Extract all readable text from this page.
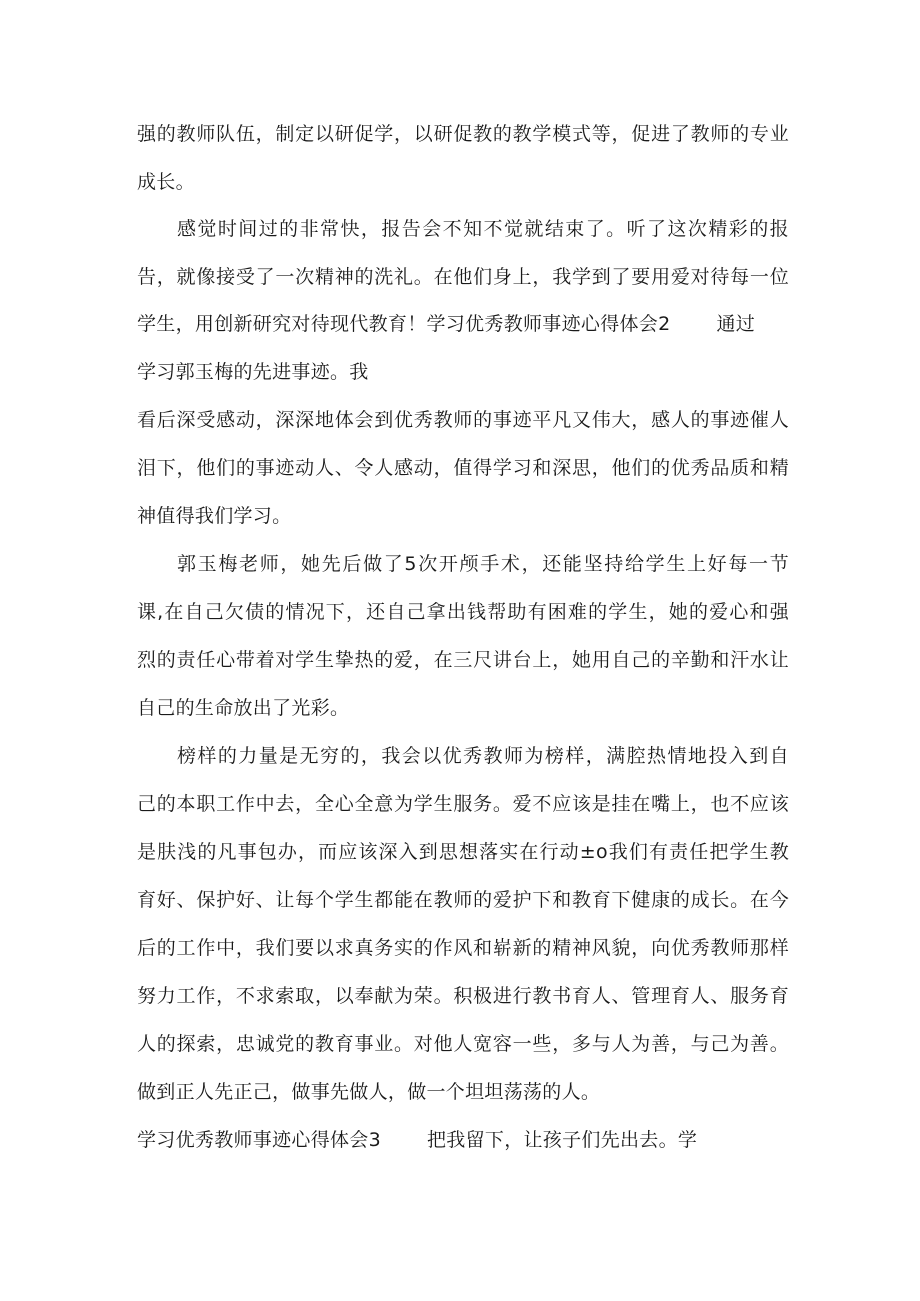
强的教师队伍，制定以研促学，以研促教的教学模式等，促进了教师的专业
成长。
感觉时间过的非常快，报告会不知不觉就结束了。听了这次精彩的报
告，就像接受了一次精神的洗礼。在他们身上，我学到了要用爱对待每一位
学生，用创新研究对待现代教育！学习优秀教师事迹心得体会2 通过
学习郭玉梅的先进事迹。我
看后深受感动，深深地体会到优秀教师的事迹平凡又伟大，感人的事迹催人
泪下，他们的事迹动人、令人感动，值得学习和深思，他们的优秀品质和精
神值得我们学习。
郭玉梅老师，她先后做了5次开颅手术，还能坚持给学生上好每一节
课,在自己欠债的情况下，还自己拿出钱帮助有困难的学生，她的爱心和强
烈的责任心带着对学生挚热的爱，在三尺讲台上，她用自己的辛勤和汗水让
自己的生命放出了光彩。
榜样的力量是无穷的，我会以优秀教师为榜样，满腔热情地投入到自
己的本职工作中去，全心全意为学生服务。爱不应该是挂在嘴上，也不应该
是肤浅的凡事包办，而应该深入到思想落实在行动±o我们有责任把学生教
育好、保护好、让每个学生都能在教师的爱护下和教育下健康的成长。在今
后的工作中，我们要以求真务实的作风和崭新的精神风貌，向优秀教师那样
努力工作，不求索取，以奉献为荣。积极进行教书育人、管理育人、服务育
人的探索，忠诚党的教育事业。对他人宽容一些，多与人为善，与己为善。
做到正人先正己，做事先做人，做一个坦坦荡荡的人。
学习优秀教师事迹心得体会3 把我留下，让孩子们先出去。学
